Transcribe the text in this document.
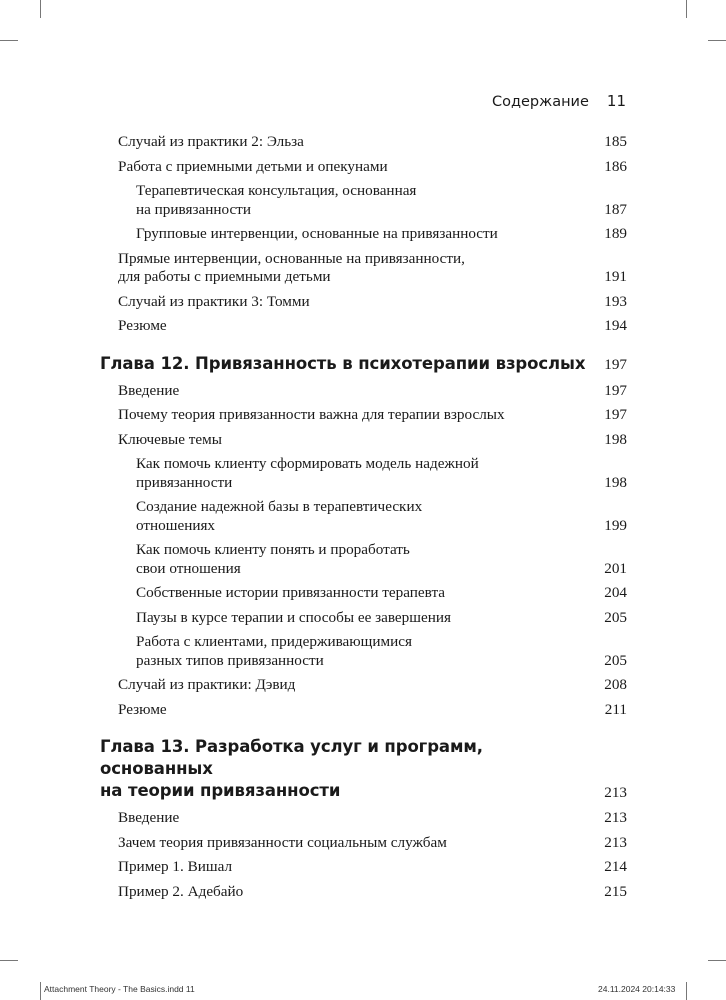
Содержание 11
Случай из практики 2: Эльза	185
Работа с приемными детьми и опекунами	186
Терапевтическая консультация, основанная
на привязанности	187
Групповые интервенции, основанные на привязанности	189
Прямые интервенции, основанные на привязанности,
для работы с приемными детьми	191
Случай из практики 3: Томми	193
Резюме	194
Глава 12. Привязанность в психотерапии взрослых	197
Введение	197
Почему теория привязанности важна для терапии взрослых	197
Ключевые темы	198
Как помочь клиенту сформировать модель надежной
привязанности	198
Создание надежной базы в терапевтических
отношениях	199
Как помочь клиенту понять и проработать
свои отношения	201
Собственные истории привязанности терапевта	204
Паузы в курсе терапии и способы ее завершения	205
Работа с клиентами, придерживающимися
разных типов привязанности	205
Случай из практики: Дэвид	208
Резюме	211
Глава 13. Разработка услуг и программ, основанных
на теории привязанности	213
Введение	213
Зачем теория привязанности социальным службам	213
Пример 1. Вишал	214
Пример 2. Адебайо	215
Attachment Theory - The Basics.indd 11	24.11.2024 20:14:33
